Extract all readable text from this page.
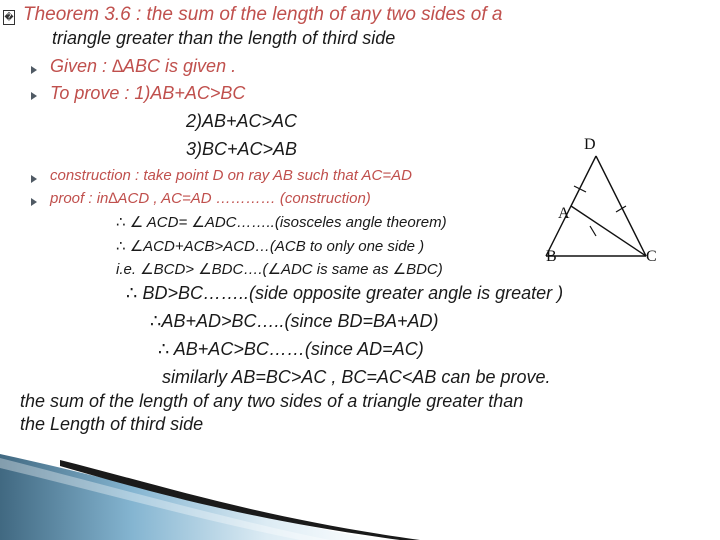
� Theorem 3.6 : the sum of the length of any two sides of a
triangle greater than the length of third side
Given : ∆ABC is given .
To prove : 1)AB+AC>BC
2)AB+AC>AC
3)BC+AC>AB
construction : take point D on ray AB such that AC=AD
proof : in∆ACD , AC=AD ………… (construction)
∴ ∠ ACD= ∠ADC……..(isosceles angle theorem)
∴ ∠ACD+ACB>ACD…(ACB to only one side )
i.e. ∠BCD> ∠BDC….(∠ADC is same as ∠BDC)
∴ BD>BC……..(side opposite greater angle is greater )
∴AB+AD>BC…..(since BD=BA+AD)
∴ AB+AC>BC……(since AD=AC)
similarly AB=BC>AC , BC=AC<AB can be prove.
the sum of the length of any two sides of a triangle greater than
the Length of third side
D
A
B	C
